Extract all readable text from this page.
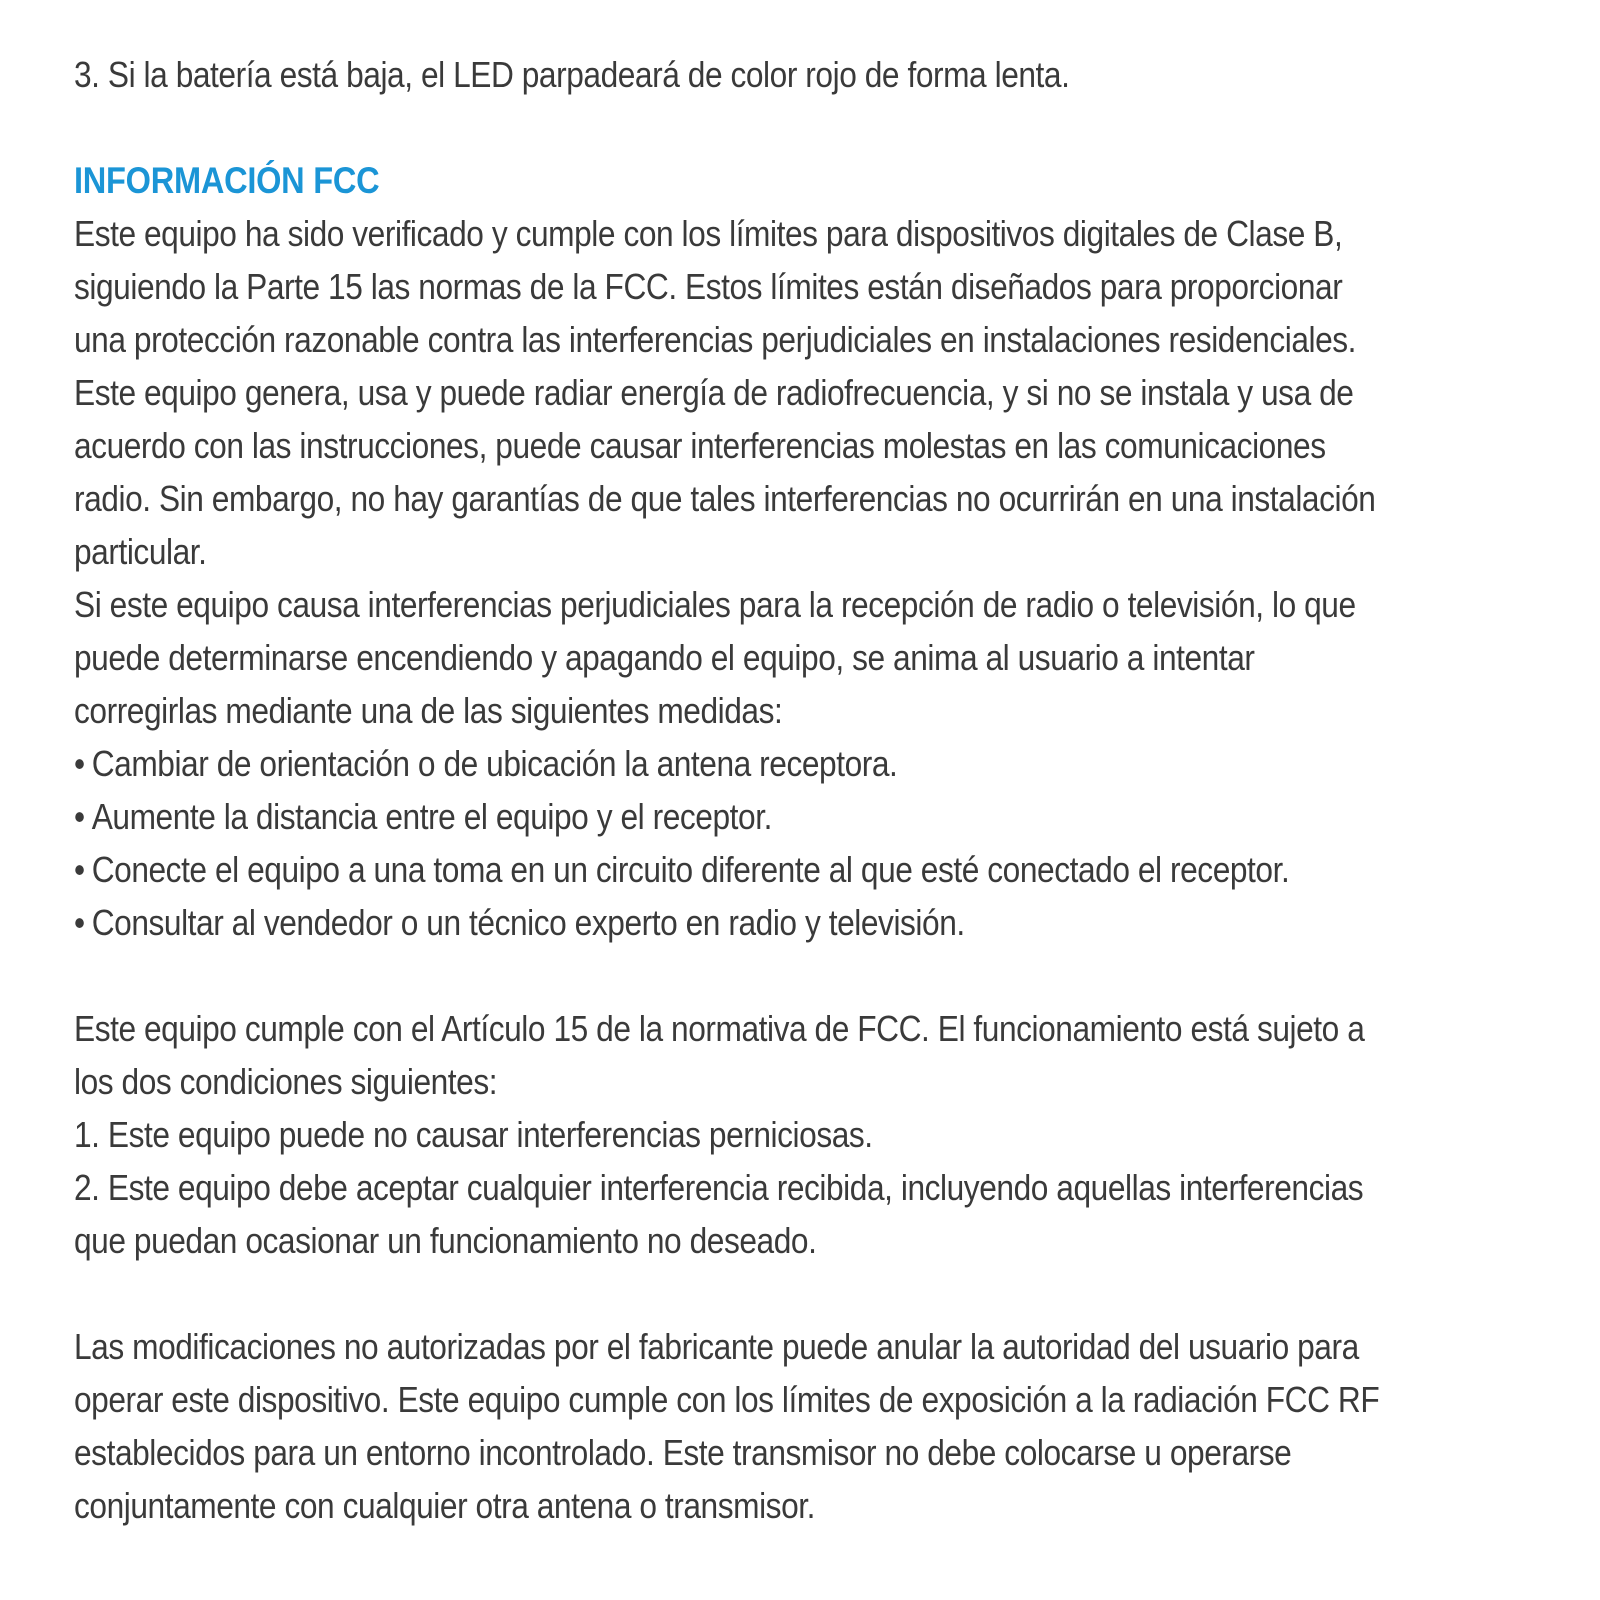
3. Si la batería está baja, el LED parpadeará de color rojo de forma lenta.

INFORMACIÓN FCC

Este equipo ha sido verificado y cumple con los límites para dispositivos digitales de Clase B, siguiendo la Parte 15 las normas de la FCC. Estos límites están diseñados para proporcionar una protección razonable contra las interferencias perjudiciales en instalaciones residenciales. Este equipo genera, usa y puede radiar energía de radiofrecuencia, y si no se instala y usa de acuerdo con las instrucciones, puede causar interferencias molestas en las comunicaciones radio. Sin embargo, no hay garantías de que tales interferencias no ocurrirán en una instalación particular.

Si este equipo causa interferencias perjudiciales para la recepción de radio o televisión, lo que puede determinarse encendiendo y apagando el equipo, se anima al usuario a intentar corregirlas mediante una de las siguientes medidas:

• Cambiar de orientación o de ubicación la antena receptora.
• Aumente la distancia entre el equipo y el receptor.
• Conecte el equipo a una toma en un circuito diferente al que esté conectado el receptor.
• Consultar al vendedor o un técnico experto en radio y televisión.

Este equipo cumple con el Artículo 15 de la normativa de FCC. El funcionamiento está sujeto a los dos condiciones siguientes:

1. Este equipo puede no causar interferencias perniciosas.
2. Este equipo debe aceptar cualquier interferencia recibida, incluyendo aquellas interferencias que puedan ocasionar un funcionamiento no deseado.

Las modificaciones no autorizadas por el fabricante puede anular la autoridad del usuario para operar este dispositivo. Este equipo cumple con los límites de exposición a la radiación FCC RF establecidos para un entorno incontrolado. Este transmisor no debe colocarse u operarse conjuntamente con cualquier otra antena o transmisor.
